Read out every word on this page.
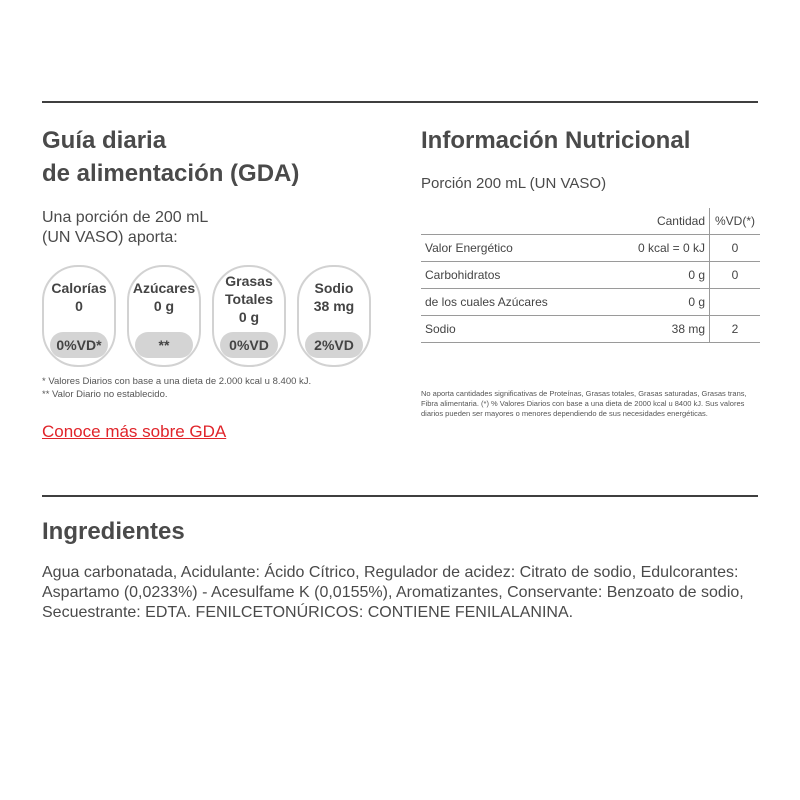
Guía diaria
de alimentación (GDA)
Una porción de 200 mL
(UN VASO) aporta:
Calorías
0
0%VD*
Azúcares
0 g
**
Grasas
Totales
0 g
0%VD
Sodio
38 mg
2%VD
* Valores Diarios con base a una dieta de 2.000 kcal u 8.400 kJ.
** Valor Diario no establecido.
Conoce más sobre GDA
Información Nutricional
Porción 200 mL (UN VASO)
	Cantidad	%VD(*)
Valor Energético	0 kcal = 0 kJ	0
Carbohidratos	0 g	0
de los cuales Azúcares	0 g	
Sodio	38 mg	2
No aporta cantidades significativas de Proteínas, Grasas totales, Grasas saturadas, Grasas trans, Fibra alimentaria. (*) % Valores Diarios con base a una dieta de 2000 kcal u 8400 kJ. Sus valores diarios pueden ser mayores o menores dependiendo de sus necesidades energéticas.
Ingredientes
Agua carbonatada, Acidulante: Ácido Cítrico, Regulador de acidez: Citrato de sodio, Edulcorantes: Aspartamo (0,0233%) - Acesulfame K (0,0155%), Aromatizantes, Conservante: Benzoato de sodio, Secuestrante: EDTA. FENILCETONÚRICOS: CONTIENE FENILALANINA.
